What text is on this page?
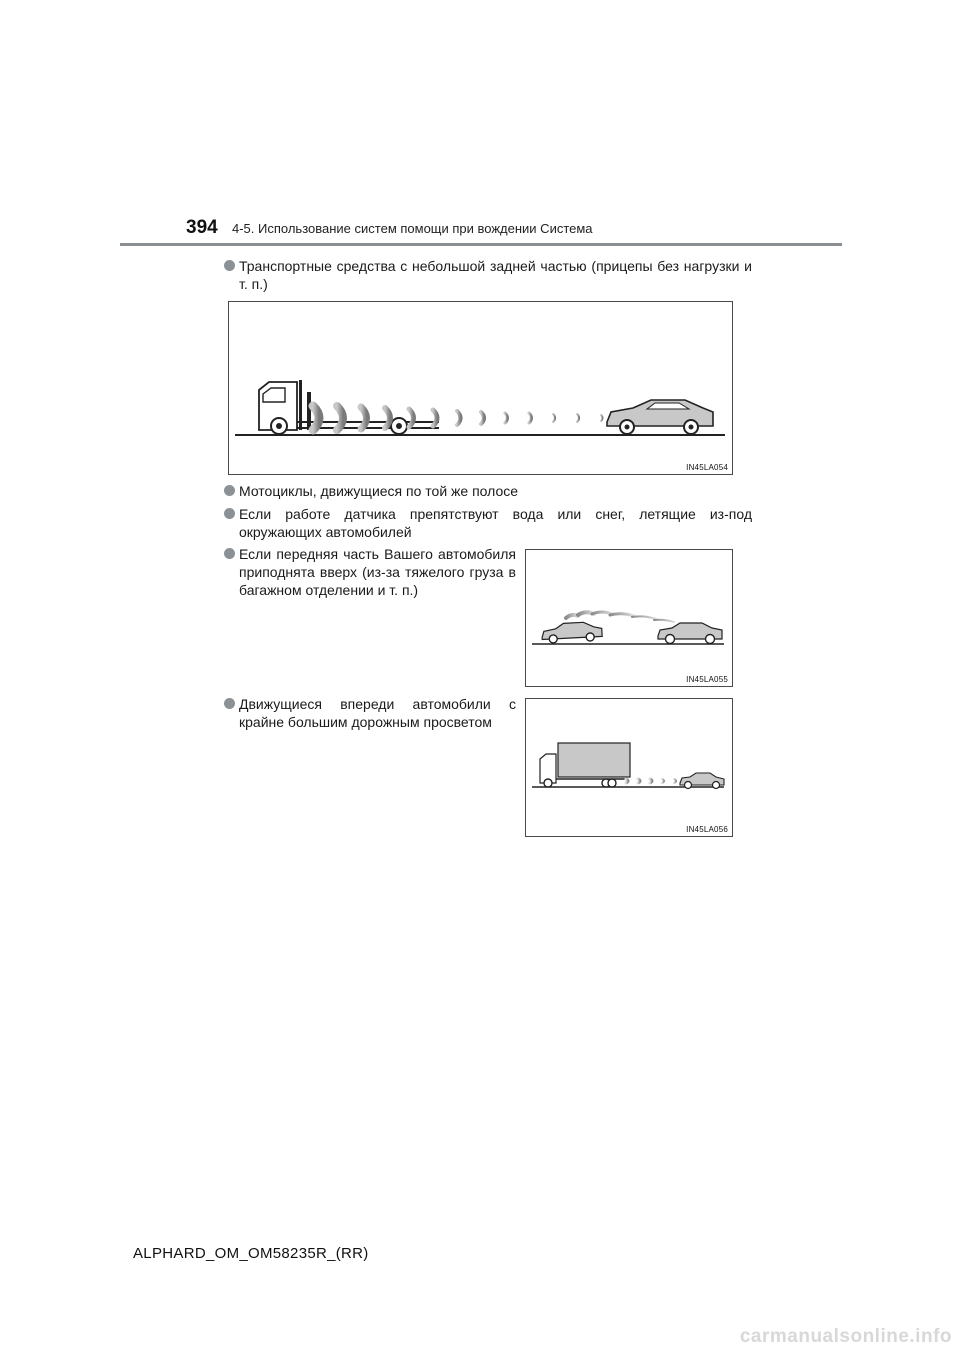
394 4-5. Использование систем помощи при вождении Система
Транспортные средства с небольшой задней частью (прицепы без нагрузки и т. п.)
IN45LA054
Мотоциклы, движущиеся по той же полосе
Если работе датчика препятствуют вода или снег, летящие из-под окружающих автомобилей
Если передняя часть Вашего автомобиля приподнята вверх (из-за тяжелого груза в багажном отделении и т. п.)
IN45LA055
Движущиеся впереди автомобили с крайне большим дорожным просветом
IN45LA056
ALPHARD_OM_OM58235R_(RR)
carmanualsonline.info
